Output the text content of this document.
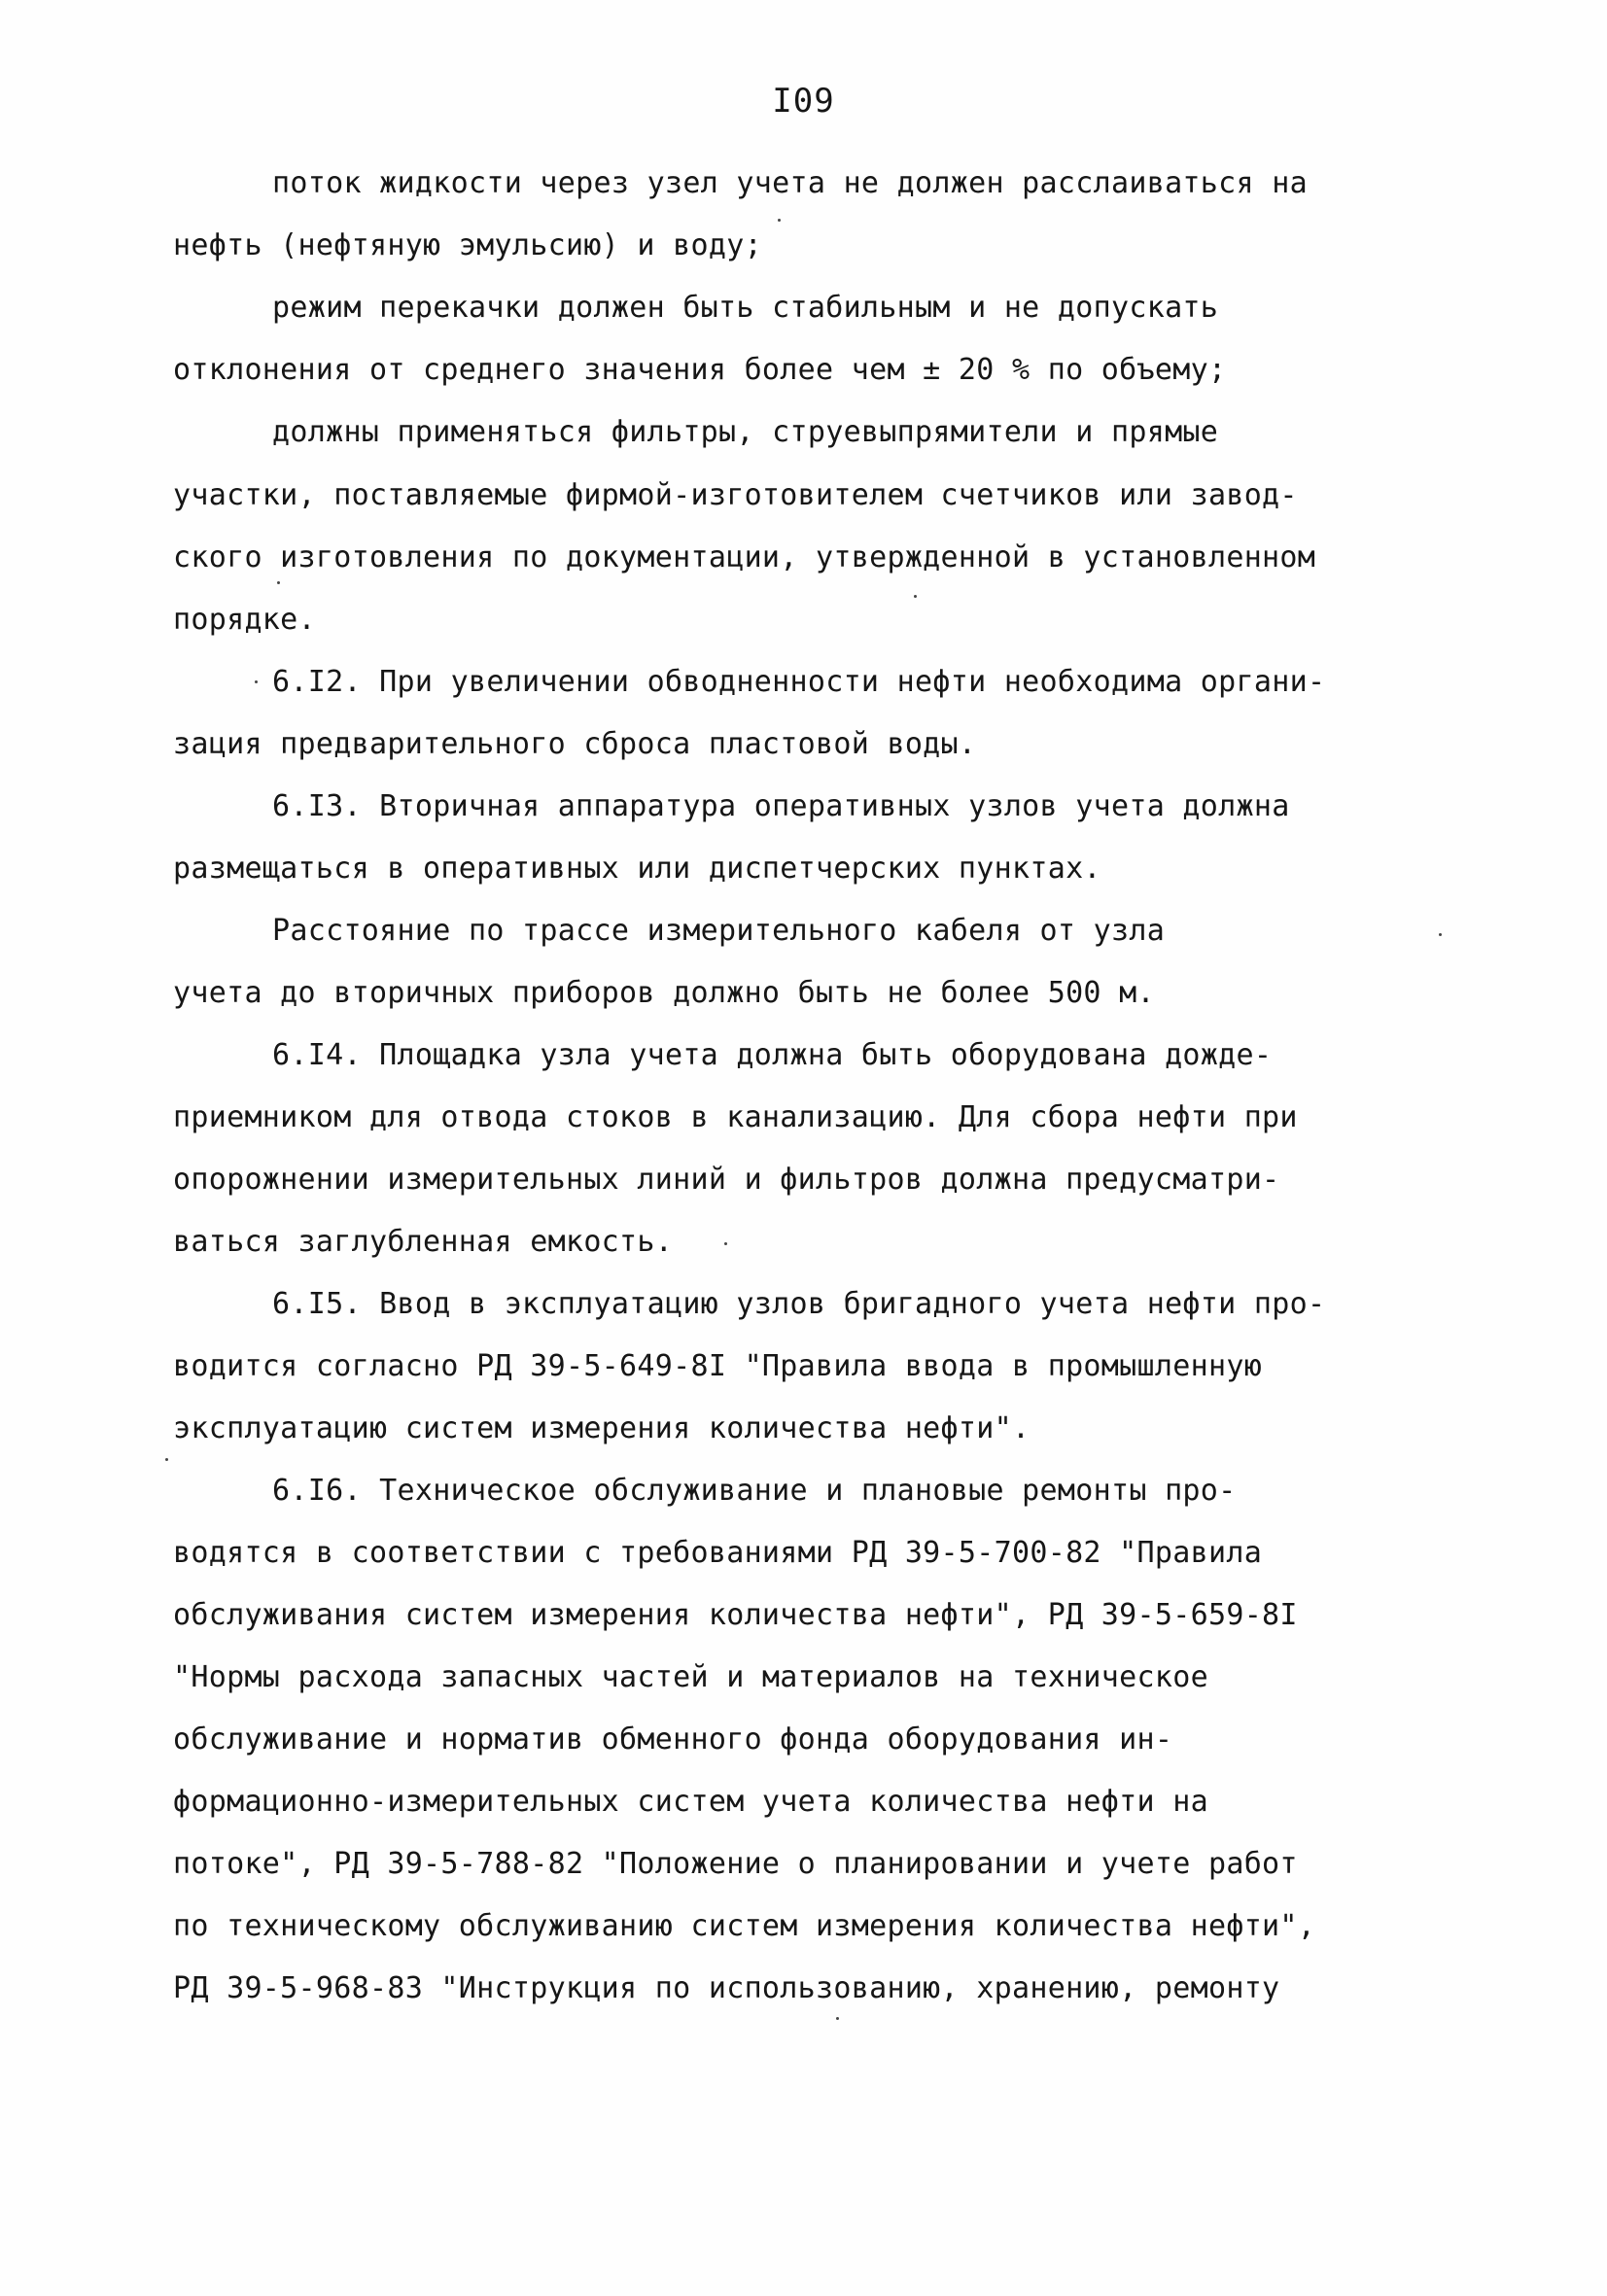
I09
поток жидкости через узел учета не должен расслаиваться на
нефть (нефтяную эмульсию) и воду;
режим перекачки должен быть стабильным и не допускать
отклонения от среднего значения более чем ± 20 % по объему;
должны применяться фильтры, струевыпрямители и прямые
участки, поставляемые фирмой-изготовителем счетчиков или завод-
ского изготовления по документации, утвержденной в установленном
порядке.
6.I2. При увеличении обводненности нефти необходима органи-
зация предварительного сброса пластовой воды.
6.I3. Вторичная аппаратура оперативных узлов учета должна
размещаться в оперативных или диспетчерских пунктах.
Расстояние по трассе измерительного кабеля от узла
учета до вторичных приборов должно быть не более 500 м.
6.I4. Площадка узла учета должна быть оборудована дожде-
приемником для отвода стоков в канализацию. Для сбора нефти при
опорожнении измерительных линий и фильтров должна предусматри-
ваться заглубленная емкость.
6.I5. Ввод в эксплуатацию узлов бригадного учета нефти про-
водится согласно РД 39-5-649-8I "Правила ввода в промышленную
эксплуатацию систем измерения количества нефти".
6.I6. Техническое обслуживание и плановые ремонты про-
водятся в соответствии с требованиями РД 39-5-700-82 "Правила
обслуживания систем измерения количества нефти", РД 39-5-659-8I
"Нормы расхода запасных частей и материалов на техническое
обслуживание и норматив обменного фонда оборудования ин-
формационно-измерительных систем учета количества нефти на
потоке", РД 39-5-788-82 "Положение о планировании и учете работ
по техническому обслуживанию систем измерения количества нефти",
РД 39-5-968-83 "Инструкция по использованию, хранению, ремонту
